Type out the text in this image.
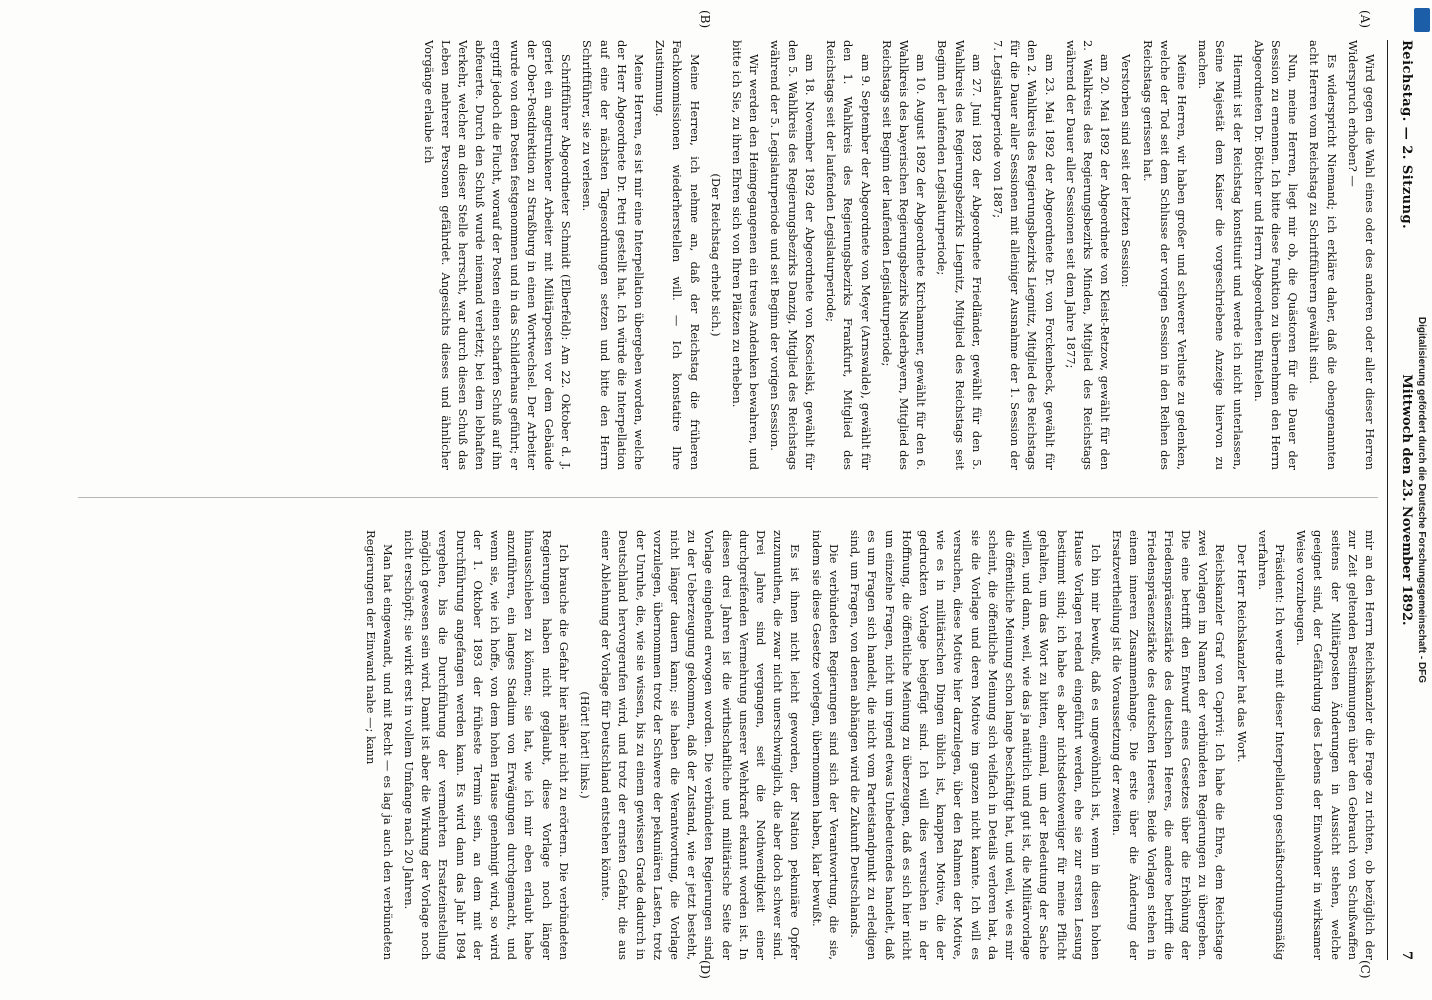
Reichstag. — 2. Sitzung.
Mittwoch den 23. November 1892.
7
(A)
(B)
(C)
(D)

Wird gegen die Wahl eines oder des anderen oder aller dieser Herren Widerspruch erhoben? —

Es widerspricht Niemand; ich erkläre daher, daß die obengenannten acht Herren vom Reichstag zu Schriftführern gewählt sind.

Nun, meine Herren, liegt mir ob, die Quästoren für die Dauer der Session zu ernennen. Ich bitte diese Funktion zu übernehmen den Herrn Abgeordneten Dr. Böttcher und Herrn Abgeordneten Rintelen.

Hiermit ist der Reichstag konstituirt und werde ich nicht unterlassen, Seine Majestät dem Kaiser die vorgeschriebene Anzeige hiervon zu machen.

Meine Herren, wir haben großer und schwerer Verluste zu gedenken, welche der Tod seit dem Schlusse der vorigen Session in den Reihen des Reichstags gerissen hat.

Verstorben sind seit der letzten Session:

am 20. Mai 1892 der Abgeordnete von Kleist-Retzow, gewählt für den 2. Wahlkreis des Regierungsbezirks Minden, Mitglied des Reichstags während der Dauer aller Sessionen seit dem Jahre 1877;

am 23. Mai 1892 der Abgeordnete Dr. von Forckenbeck, gewählt für den 2. Wahlkreis des Regierungsbezirks Liegnitz, Mitglied des Reichstags für die Dauer aller Sessionen mit alleiniger Ausnahme der 1. Session der 7. Legislaturperiode von 1887;

am 27. Juni 1892 der Abgeordnete Friedländer, gewählt für den 5. Wahlkreis des Regierungsbezirks Liegnitz, Mitglied des Reichstags seit Beginn der laufenden Legislaturperiode;

am 10. August 1892 der Abgeordnete Kirchammer, gewählt für den 6. Wahlkreis des bayerischen Regierungsbezirks Niederbayern, Mitglied des Reichstags seit Beginn der laufenden Legislaturperiode;

am 9. September der Abgeordnete von Meyer (Arnswalde), gewählt für den 1. Wahlkreis des Regierungsbezirks Frankfurt, Mitglied des Reichstags seit der laufenden Legislaturperiode;

am 18. November 1892 der Abgeordnete von Koscielski, gewählt für den 5. Wahlkreis des Regierungsbezirks Danzig, Mitglied des Reichstags während der 5. Legislaturperiode und seit Beginn der vorigen Session.

Wir werden den Heimgegangenen ein treues Andenken bewahren, und bitte ich Sie, zu ihren Ehren sich von Ihren Plätzen zu erheben.

(Der Reichstag erhebt sich.)

Meine Herren, ich nehme an, daß der Reichstag die früheren Fachkommissionen wiederherstellen will. — Ich konstatire Ihre Zustimmung.

Meine Herren, es ist mir eine Interpellation übergeben worden, welche der Herr Abgeordnete Dr. Petri gestellt hat. Ich würde die Interpellation auf eine der nächsten Tagesordnungen setzen und bitte den Herrn Schriftführer, sie zu verlesen.

Schriftführer Abgeordneter Schmidt (Elberfeld): Am 22. Oktober d. J. geriet ein angetrunkener Arbeiter mit Militärposten vor dem Gebäude der Ober-Postdirektion zu Straßburg in einen Wortwechsel. Der Arbeiter wurde von dem Posten festgenommen und in das Schilderhaus geführt; er ergriff jedoch die Flucht, worauf der Posten einen scharfen Schuß auf ihn abfeuerte. Durch den Schuß wurde niemand verletzt; bei dem lebhaften Verkehr, welcher an dieser Stelle herrscht, war durch diesen Schuß das Leben mehrerer Personen gefährdet. Angesichts dieses und ähnlicher Vorgänge erlaube ich

mir an den Herrn Reichskanzler die Frage zu richten, ob bezüglich der zur Zeit geltenden Bestimmungen über den Gebrauch von Schußwaffen seitens der Militärposten Änderungen in Aussicht stehen, welche geeignet sind, der Gefährdung des Lebens der Einwohner in wirksamer Weise vorzubeugen.

Präsident: Ich werde mit dieser Interpellation geschäftsordnungsmäßig verfahren.

Der Herr Reichskanzler hat das Wort.

Reichskanzler Graf von Caprivi: Ich habe die Ehre, dem Reichstage zwei Vorlagen im Namen der verbündeten Regierungen zu übergeben. Die eine betrifft den Entwurf eines Gesetzes über die Erhöhung der Friedenspräsenzstärke des deutschen Heeres, die andere betrifft die Friedenspräsenzstärke des deutschen Heeres. Beide Vorlagen stehen in einem inneren Zusammenhange. Die erste über die Änderung der Ersatzvertheilung ist die Voraussetzung der zweiten.

Ich bin mir bewußt, daß es ungewöhnlich ist, wenn in diesen hohen Hause Vorlagen redend eingeführt werden, ehe sie zur ersten Lesung bestimmt sind; ich habe es aber nichtsdestoweniger für meine Pflicht gehalten, um das Wort zu bitten, einmal, um der Bedeutung der Sache willen, und dann, weil, wie das ja natürlich und gut ist, die Militärvorlage die öffentliche Meinung schon lange beschäftigt hat, und weil, wie es mir scheint, die öffentliche Meinung sich vielfach in Details verloren hat, da sie die Vorlage und deren Motive im ganzen nicht kannte. Ich will es versuchen, diese Motive hier darzulegen, über den Rahmen der Motive, wie es in militärischen Dingen üblich ist, knappen Motive, die der gedruckten Vorlage beigefügt sind. Ich will dies versuchen in der Hoffnung, die öffentliche Meinung zu überzeugen, daß es sich hier nicht um einzelne Fragen, nicht um irgend etwas Unbedeutendes handelt, daß es um Fragen sich handelt, die nicht vom Parteistandpunkt zu erledigen sind, um Fragen, von denen abhängen wird die Zukunft Deutschlands.

Die verbündeten Regierungen sind sich der Verantwortung, die sie, indem sie diese Gesetze vorlegen, übernommen haben, klar bewußt.

Es ist ihnen nicht leicht geworden, der Nation pekuniäre Opfer zuzumuthen, die zwar nicht unerschwinglich, die aber doch schwer sind. Drei Jahre sind vergangen, seit die Nothwendigkeit einer durchgreifenden Vermehrung unserer Wehrkraft erkannt worden ist. In diesen drei Jahren ist die wirthschaftliche und militärische Seite der Vorlage eingehend erwogen worden. Die verbündeten Regierungen sind zu der Ueberzeugung gekommen, daß der Zustand, wie er jetzt besteht, nicht länger dauern kann; sie haben die Verantwortung, die Vorlage vorzulegen, übernommen trotz der Schwere der pekuniären Lasten, trotz der Unruhe, die, wie sie wissen, bis zu einem gewissen Grade dadurch in Deutschland hervorgerufen wird, und trotz der ernsten Gefahr, die aus einer Ablehnung der Vorlage für Deutschland entstehen könnte.

(Hört! hört! links.)

Ich brauche die Gefahr hier näher nicht zu erörtern. Die verbündeten Regierungen haben nicht geglaubt, diese Vorlage noch länger hinausschieben zu können; sie hat, wie ich mir eben erlaubt habe anzuführen, ein langes Stadium von Erwägungen durchgemacht, und wenn sie, wie ich hoffe, von dem hohen Hause genehmigt wird, so wird der 1. Oktober 1893 der früheste Termin sein, an dem mit der Durchführung angefangen werden kann. Es wird dann das Jahr 1894 vergehen, bis die Durchführung der vermehrten Ersatzeinstellung möglich gewesen sein wird. Damit ist aber die Wirkung der Vorlage noch nicht erschöpft; sie wirkt erst in vollem Umfange nach 20 Jahren.

Man hat eingewandt, und mit Recht — es lag ja auch den verbündeten Regierungen der Einwand nahe —; kann	Digitalisierung gefördert durch die Deutsche Forschungsgemeinschaft - DFG
